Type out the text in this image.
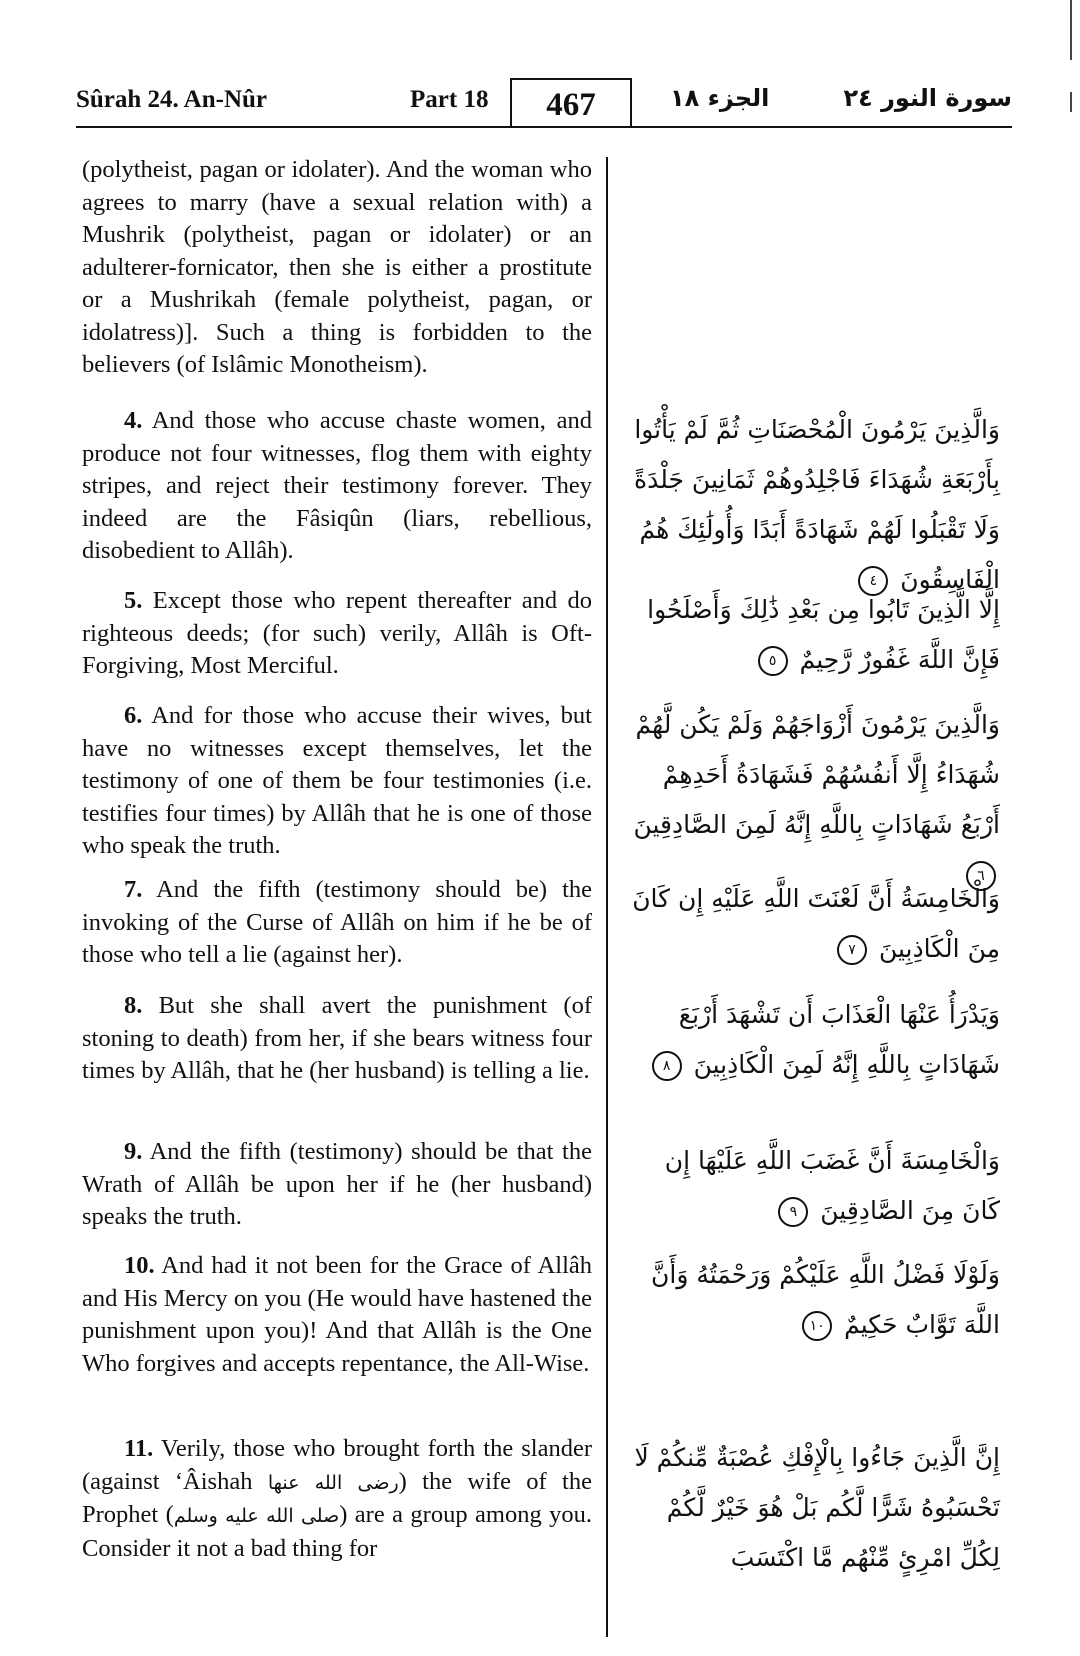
Sûrah 24. An-Nûr	Part 18	467	الجزء ١٨	سورة النور ٢٤

(polytheist, pagan or idolater). And the woman who agrees to marry (have a sexual relation with) a Mushrik (polytheist, pagan or idolater) or an adulterer-fornicator, then she is either a prostitute or a Mushrikah (female polytheist, pagan, or idolatress)]. Such a thing is forbidden to the believers (of Islâmic Monotheism).

4. And those who accuse chaste women, and produce not four witnesses, flog them with eighty stripes, and reject their testimony forever. They indeed are the Fâsiqûn (liars, rebellious, disobedient to Allâh).

5. Except those who repent thereafter and do righteous deeds; (for such) verily, Allâh is Oft-Forgiving, Most Merciful.

6. And for those who accuse their wives, but have no witnesses except themselves, let the testimony of one of them be four testimonies (i.e. testifies four times) by Allâh that he is one of those who speak the truth.

7. And the fifth (testimony should be) the invoking of the Curse of Allâh on him if he be of those who tell a lie (against her).

8. But she shall avert the punishment (of stoning to death) from her, if she bears witness four times by Allâh, that he (her husband) is telling a lie.

9. And the fifth (testimony) should be that the Wrath of Allâh be upon her if he (her husband) speaks the truth.

10. And had it not been for the Grace of Allâh and His Mercy on you (He would have hastened the punishment upon you)! And that Allâh is the One Who forgives and accepts repentance, the All-Wise.

11. Verily, those who brought forth the slander (against ‘Âishah رضى الله عنها) the wife of the Prophet (صلى الله عليه وسلم) are a group among you. Consider it not a bad thing for

وَالَّذِينَ يَرْمُونَ الْمُحْصَنَاتِ ثُمَّ لَمْ يَأْتُوا بِأَرْبَعَةِ شُهَدَاءَ فَاجْلِدُوهُمْ ثَمَانِينَ جَلْدَةً وَلَا تَقْبَلُوا لَهُمْ شَهَادَةً أَبَدًا وَأُولَٰئِكَ هُمُ الْفَاسِقُونَ ٤

إِلَّا الَّذِينَ تَابُوا مِن بَعْدِ ذَٰلِكَ وَأَصْلَحُوا فَإِنَّ اللَّهَ غَفُورٌ رَّحِيمٌ ٥

وَالَّذِينَ يَرْمُونَ أَزْوَاجَهُمْ وَلَمْ يَكُن لَّهُمْ شُهَدَاءُ إِلَّا أَنفُسُهُمْ فَشَهَادَةُ أَحَدِهِمْ أَرْبَعُ شَهَادَاتٍ بِاللَّهِ إِنَّهُ لَمِنَ الصَّادِقِينَ ٦

وَالْخَامِسَةُ أَنَّ لَعْنَتَ اللَّهِ عَلَيْهِ إِن كَانَ مِنَ الْكَاذِبِينَ ٧

وَيَدْرَأُ عَنْهَا الْعَذَابَ أَن تَشْهَدَ أَرْبَعَ شَهَادَاتٍ بِاللَّهِ إِنَّهُ لَمِنَ الْكَاذِبِينَ ٨

وَالْخَامِسَةَ أَنَّ غَضَبَ اللَّهِ عَلَيْهَا إِن كَانَ مِنَ الصَّادِقِينَ ٩

وَلَوْلَا فَضْلُ اللَّهِ عَلَيْكُمْ وَرَحْمَتُهُ وَأَنَّ اللَّهَ تَوَّابٌ حَكِيمٌ ١٠

إِنَّ الَّذِينَ جَاءُوا بِالْإِفْكِ عُصْبَةٌ مِّنكُمْ لَا تَحْسَبُوهُ شَرًّا لَّكُم بَلْ هُوَ خَيْرٌ لَّكُمْ لِكُلِّ امْرِئٍ مِّنْهُم مَّا اكْتَسَبَ
